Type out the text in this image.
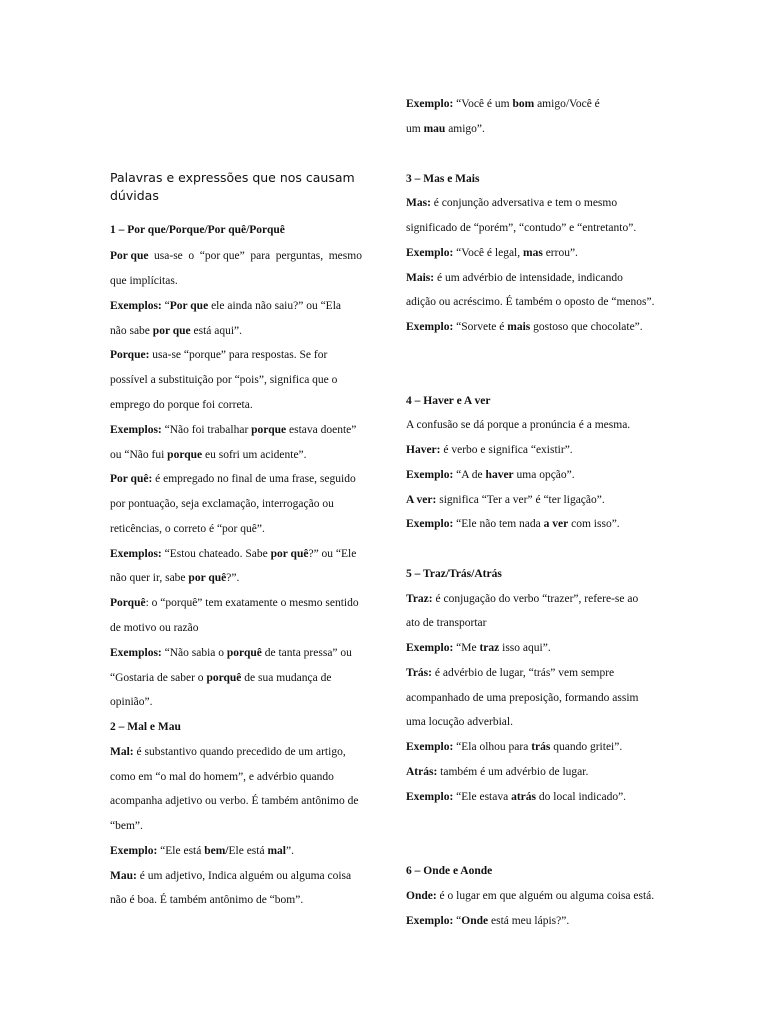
Palavras e expressões que nos causam
dúvidas
1 – Por que/Porque/Por quê/Porquê
Por que usa-se o “por que” para perguntas, mesmo
que implícitas.
Exemplos: “Por que ele ainda não saiu?” ou “Ela
não sabe por que está aqui”.
Porque: usa-se “porque” para respostas. Se for
possível a substituição por “pois”, significa que o
emprego do porque foi correta.
Exemplos: “Não foi trabalhar porque estava doente”
ou “Não fui porque eu sofri um acidente”.
Por quê: é empregado no final de uma frase, seguido
por pontuação, seja exclamação, interrogação ou
reticências, o correto é “por quê”.
Exemplos: “Estou chateado. Sabe por quê?” ou “Ele
não quer ir, sabe por quê?”.
Porquê: o “porquê” tem exatamente o mesmo sentido
de motivo ou razão
Exemplos: “Não sabia o porquê de tanta pressa” ou
“Gostaria de saber o porquê de sua mudança de
opinião”.
2 – Mal e Mau
Mal: é substantivo quando precedido de um artigo,
como em “o mal do homem”, e advérbio quando
acompanha adjetivo ou verbo. É também antônimo de
“bem”.
Exemplo: “Ele está bem/Ele está mal”.
Mau: é um adjetivo, Indica alguém ou alguma coisa
não é boa. É também antônimo de “bom”.
Exemplo: “Você é um bom amigo/Você é
um mau amigo”.
3 – Mas e Mais
Mas: é conjunção adversativa e tem o mesmo
significado de “porém”, “contudo” e “entretanto”.
Exemplo: “Você é legal, mas errou”.
Mais: é um advérbio de intensidade, indicando
adição ou acréscimo. É também o oposto de “menos”.
Exemplo: “Sorvete é mais gostoso que chocolate”.
4 – Haver e A ver
A confusão se dá porque a pronúncia é a mesma.
Haver: é verbo e significa “existir”.
Exemplo: “A de haver uma opção”.
A ver: significa “Ter a ver” é “ter ligação”.
Exemplo: “Ele não tem nada a ver com isso”.
5 – Traz/Trás/Atrás
Traz: é conjugação do verbo “trazer”, refere-se ao
ato de transportar
Exemplo: “Me traz isso aqui”.
Trás: é advérbio de lugar, “trás” vem sempre
acompanhado de uma preposição, formando assim
uma locução adverbial.
Exemplo: “Ela olhou para trás quando gritei”.
Atrás: também é um advérbio de lugar.
Exemplo: “Ele estava atrás do local indicado”.
6 – Onde e Aonde
Onde: é o lugar em que alguém ou alguma coisa está.
Exemplo: “Onde está meu lápis?”.
